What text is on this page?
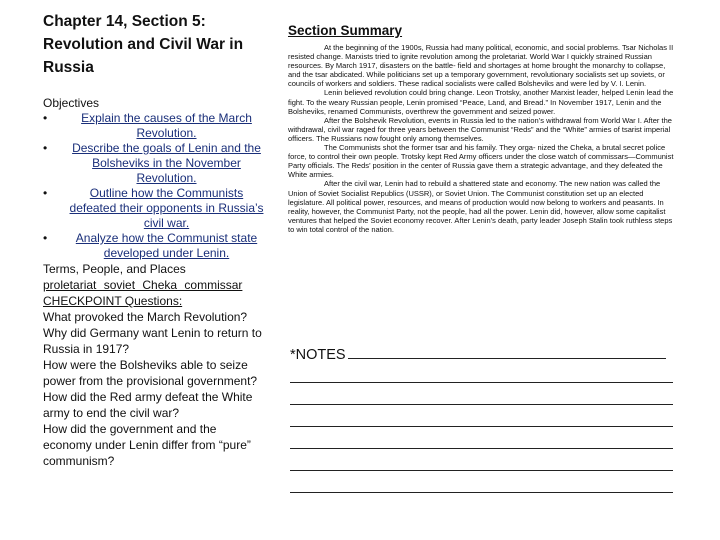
Chapter 14, Section 5:
Revolution and Civil War in
Russia
Objectives
•	Explain the causes of the March Revolution.
•	Describe the goals of Lenin and the Bolsheviks in the November Revolution.
•	Outline how the Communists defeated their opponents in Russia’s civil war.
•	Analyze how the Communist state developed under Lenin.
Terms, People, and Places
proletariat soviet Cheka commissar
CHECKPOINT Questions:
What provoked the March Revolution? Why did Germany want Lenin to return to Russia in 1917?
How were the Bolsheviks able to seize power from the provisional government?
How did the Red army defeat the White army to end the civil war?
How did the government and the economy under Lenin differ from “pure” communism?
Section Summary

At the beginning of the 1900s, Russia had many political, economic, and social problems. Tsar Nicholas II resisted change. Marxists tried to ignite revolution among the proletariat. World War I quickly strained Russian resources. By March 1917, disasters on the battle- field and shortages at home brought the monarchy to collapse, and the tsar abdicated. While politicians set up a temporary government, revolutionary socialists set up soviets, or councils of workers and soldiers. These radical socialists were called Bolsheviks and were led by V. I. Lenin.

Lenin believed revolution could bring change. Leon Trotsky, another Marxist leader, helped Lenin lead the fight. To the weary Russian people, Lenin promised “Peace, Land, and Bread.” In November 1917, Lenin and the Bolsheviks, renamed Communists, overthrew the government and seized power.

After the Bolshevik Revolution, events in Russia led to the nation’s withdrawal from World War I. After the withdrawal, civil war raged for three years between the Communist “Reds” and the “White” armies of tsarist imperial officers. The Russians now fought only among themselves.

The Communists shot the former tsar and his family. They orga- nized the Cheka, a brutal secret police force, to control their own people. Trotsky kept Red Army officers under the close watch of commissars—Communist Party officials. The Reds’ position in the center of Russia gave them a strategic advantage, and they defeated the White armies.

After the civil war, Lenin had to rebuild a shattered state and economy. The new nation was called the Union of Soviet Socialist Republics (USSR), or Soviet Union. The Communist constitution set up an elected legislature. All political power, resources, and means of production would now belong to workers and peasants. In reality, however, the Communist Party, not the people, had all the power. Lenin did, however, allow some capitalist ventures that helped the Soviet economy recover. After Lenin’s death, party leader Joseph Stalin took ruthless steps to win total control of the nation.

*NOTES
